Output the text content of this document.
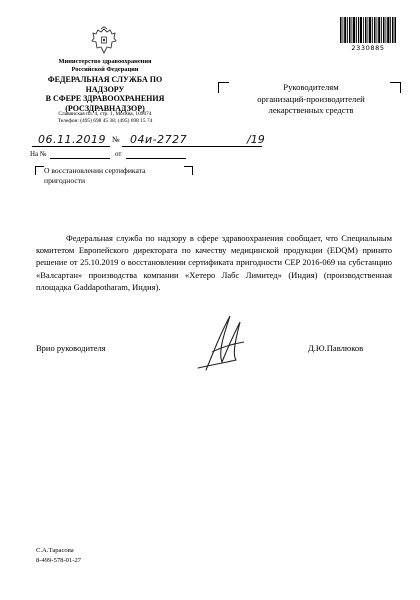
Министерство здравоохранения
Российской Федерации
ФЕДЕРАЛЬНАЯ СЛУЖБА ПО НАДЗОРУ
В СФЕРЕ ЗДРАВООХРАНЕНИЯ
(РОСЗДРАВНАДЗОР)
Славянская пл. 4, стр. 1, Москва, 109074
Телефон: (495) 698 45 38; (495) 698 15 74
2330885
Руководителям
организаций-производителей
лекарственных средств
06.11.2019 № 04и-2727	/19
На №	от
О восстановлении сертификата пригодности
Федеральная служба по надзору в сфере здравоохранения сообщает, что Специальным комитетом Европейского директората по качеству медицинской продукции (EDQM) принято решение от 25.10.2019 о восстановлении сертификата пригодности CEP 2016-069 на субстанцию «Валсартан» производства компании «Хетеро Лабс Лимитед» (Индия) (производственная площадка Gaddapotharam, Индия).
Врио руководителя	Д.Ю.Павлюков
С.А.Тарасова
8-499-578-01-27
